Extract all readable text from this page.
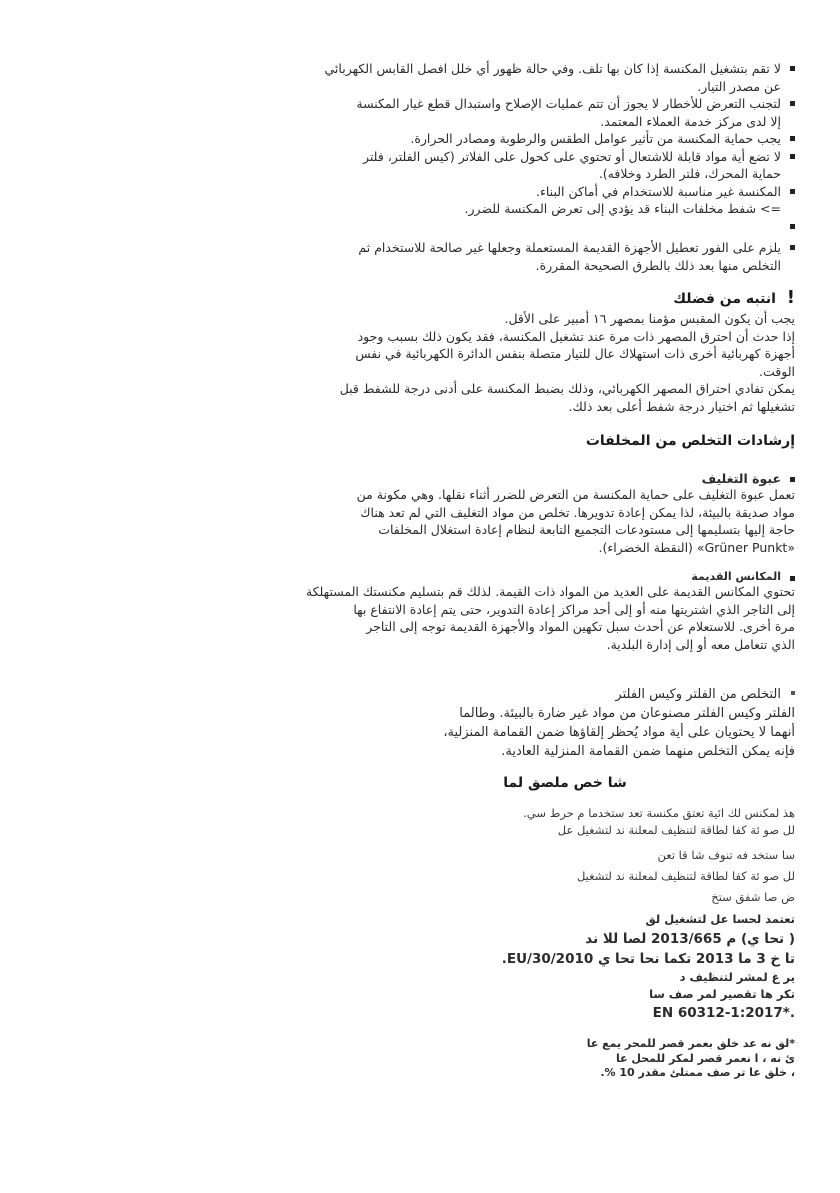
لا تقم بتشغيل المكنسة إذا كان بها تلف. وفي حالة ظهور أي خلل افصل القابس الكهربائي
عن مصدر التيار.
لتجنب التعرض للأخطار لا يجوز أن تتم عمليات الإصلاح واستبدال قطع غيار المكنسة
إلا لدى مركز خدمة العملاء المعتمد.
يجب حماية المكنسة من تأثير عوامل الطقس والرطوبة ومصادر الحرارة.
لا تضع أية مواد قابلة للاشتعال أو تحتوي على كحول على الفلاتر (كيس الفلتر، فلتر
حماية المحرك، فلتر الطرد وخلافه).
المكنسة غير مناسبة للاستخدام في أماكن البناء.
=> شفط مخلفات البناء قد يؤدي إلى تعرض المكنسة للضرر.

يلزم على الفور تعطيل الأجهزة القديمة المستعملة وجعلها غير صالحة للاستخدام ثم
التخلص منها بعد ذلك بالطرق الصحيحة المقررة.
! انتبه من فضلك
يجب أن يكون المقبس مؤمنا بمصهر ١٦ أمبير على الأقل.
إذا حدث أن احترق المصهر ذات مرة عند تشغيل المكنسة، فقد يكون ذلك بسبب وجود
أجهزة كهربائية أخرى ذات استهلاك عال للتيار متصلة بنفس الدائرة الكهربائية في نفس
الوقت.
يمكن تفادي احتراق المصهر الكهربائي، وذلك بضبط المكنسة على أدنى درجة للشفط قبل
تشغيلها ثم اختيار درجة شفط أعلى بعد ذلك.
إرشادات التخلص من المخلفات
عبوة التغليف
تعمل عبوة التغليف على حماية المكنسة من التعرض للضرر أثناء نقلها. وهي مكونة من
مواد صديقة بالبيئة، لذا يمكن إعادة تدويرها. تخلص من مواد التغليف التي لم تعد هناك
حاجة إليها بتسليمها إلى مستودعات التجميع التابعة لنظام إعادة استغلال المخلفات
«Grüner Punkt» (النقطة الخضراء).
المكانس القديمة
تحتوي المكانس القديمة على العديد من المواد ذات القيمة. لذلك قم بتسليم مكنستك المستهلكة
إلى التاجر الذي اشتريتها منه أو إلى أحد مراكز إعادة التدوير، حتى يتم إعادة الانتفاع بها
مرة أخرى. للاستعلام عن أحدث سبل تكهين المواد والأجهزة القديمة توجه إلى التاجر
الذي تتعامل معه أو إلى إدارة البلدية.
التخلص من الفلتر وكيس الفلتر
الفلتر وكيس الفلتر مصنوعان من مواد غير ضارة بالبيئة. وطالما
أنهما لا يحتويان على أية مواد يُحظر إلقاؤها ضمن القمامة المنزلية،
فإنه يمكن التخلص منهما ضمن القمامة المنزلية العادية.
شا خص ملصق لما
هذ لمكنس لك ائية تعتق مكنسة تعد ستخدما م حرط سي.
لل صو ئة كفا لطاقة لتنظيف لمعلنة ند لتشغيل عل
سا ستخد فه تنوف شا قا تعن
لل صو ئة كفا لطاقة لتنظيف لمعلنة ند لتشغيل
ض صا شفق ستخ
تعتمد لحسا عل لتشغيل لق
( تحا ي) م 2013/665 لصا للا ند
تا خ 3 ما 2013 تكما نحا تحا ي EU/30/2010.
ير غ لمشر لتنظيف د
تكر ها تقصير لمر صف سا
.*1:2017-EN 60312
*لق نه عد خلق بعمر قصر للمحر يمع عا
ئ نه ، ا نعمر قصر لمكر للمحل عا
، خلق عا تر صف ممتلئ مقدر 10 %.
